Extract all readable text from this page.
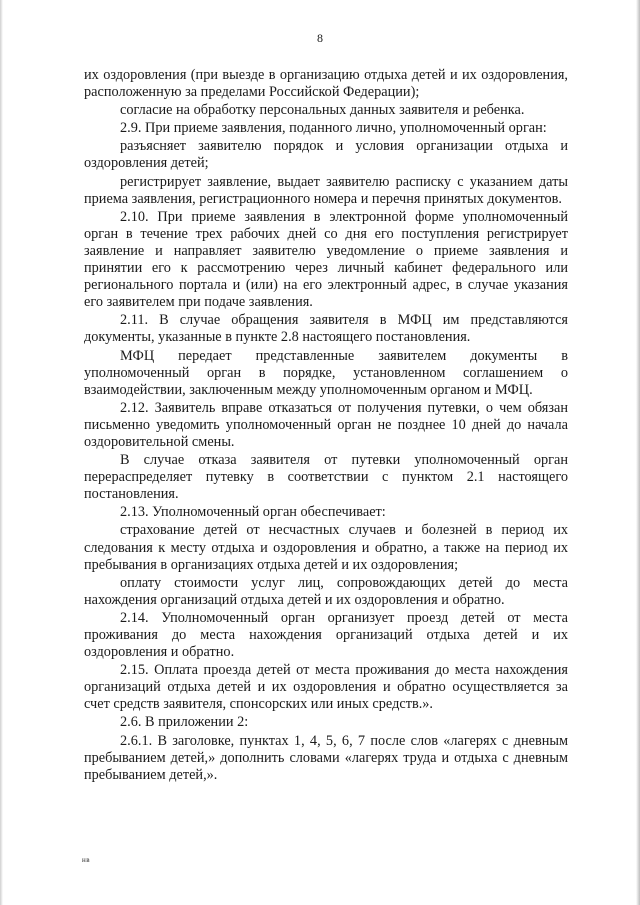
8

их оздоровления (при выезде в организацию отдыха детей и их оздоровления, расположенную за пределами Российской Федерации);

согласие на обработку персональных данных заявителя и ребенка.

2.9. При приеме заявления, поданного лично, уполномоченный орган:

разъясняет заявителю порядок и условия организации отдыха и оздоровления детей;

регистрирует заявление, выдает заявителю расписку с указанием даты приема заявления, регистрационного номера и перечня принятых документов.

2.10. При приеме заявления в электронной форме уполномоченный орган в течение трех рабочих дней со дня его поступления регистрирует заявление и направляет заявителю уведомление о приеме заявления и принятии его к рассмотрению через личный кабинет федерального или регионального портала и (или) на его электронный адрес, в случае указания его заявителем при подаче заявления.

2.11. В случае обращения заявителя в МФЦ им представляются документы, указанные в пункте 2.8 настоящего постановления.

МФЦ передает представленные заявителем документы в уполномоченный орган в порядке, установленном соглашением о взаимодействии, заключенным между уполномоченным органом и МФЦ.

2.12. Заявитель вправе отказаться от получения путевки, о чем обязан письменно уведомить уполномоченный орган не позднее 10 дней до начала оздоровительной смены.

В случае отказа заявителя от путевки уполномоченный орган перераспределяет путевку в соответствии с пунктом 2.1 настоящего постановления.

2.13. Уполномоченный орган обеспечивает:

страхование детей от несчастных случаев и болезней в период их следования к месту отдыха и оздоровления и обратно, а также на период их пребывания в организациях отдыха детей и их оздоровления;

оплату стоимости услуг лиц, сопровождающих детей до места нахождения организаций отдыха детей и их оздоровления и обратно.

2.14. Уполномоченный орган организует проезд детей от места проживания до места нахождения организаций отдыха детей и их оздоровления и обратно.

2.15. Оплата проезда детей от места проживания до места нахождения организаций отдыха детей и их оздоровления и обратно осуществляется за счет средств заявителя, спонсорских или иных средств.».

2.6. В приложении 2:

2.6.1. В заголовке, пунктах 1, 4, 5, 6, 7 после слов «лагерях с дневным пребыванием детей,» дополнить словами «лагерях труда и отдыха с дневным пребыванием детей,».

нв
